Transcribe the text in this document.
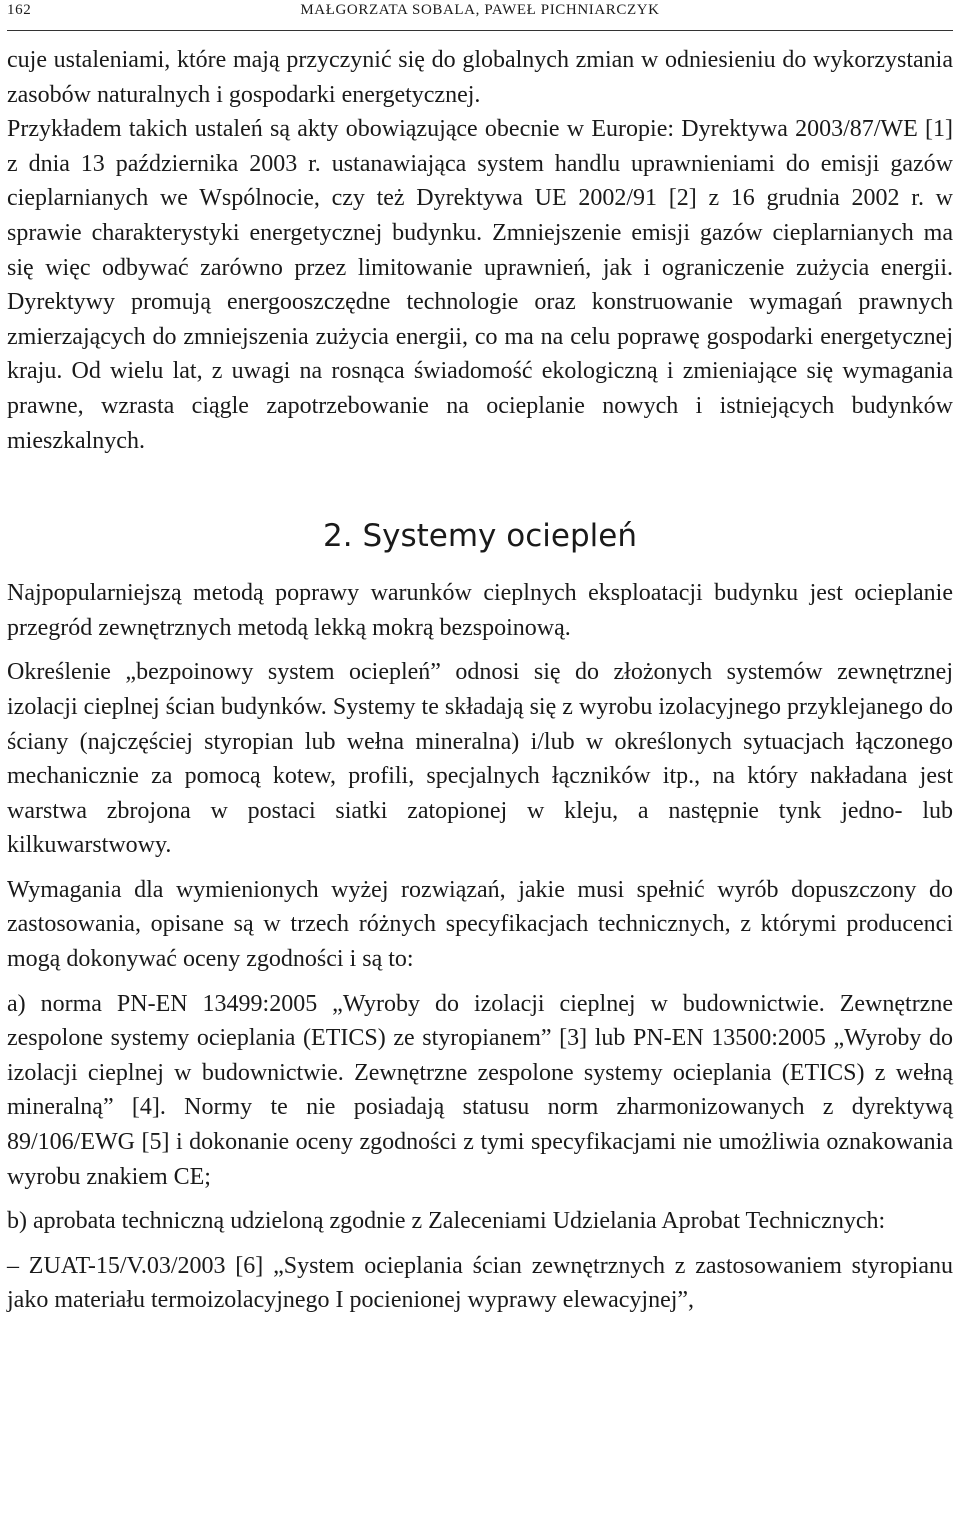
162	MAŁGORZATA SOBALA, PAWEŁ PICHNIARCZYK

cuje ustaleniami, które mają przyczynić się do globalnych zmian w odniesieniu do wykorzystania zasobów naturalnych i gospodarki energetycznej.

Przykładem takich ustaleń są akty obowiązujące obecnie w Europie: Dyrektywa 2003/87/WE [1] z dnia 13 października 2003 r. ustanawiająca system handlu uprawnieniami do emisji gazów cieplarnianych we Wspólnocie, czy też Dyrektywa UE 2002/91 [2] z 16 grudnia 2002 r. w sprawie charakterystyki energetycznej budynku. Zmniejszenie emisji gazów cieplarnianych ma się więc odbywać zarówno przez limitowanie uprawnień, jak i ograniczenie zużycia energii. Dyrektywy promują energooszczędne technologie oraz konstruowanie wymagań prawnych zmierzających do zmniejszenia zużycia energii, co ma na celu poprawę gospodarki energetycznej kraju. Od wielu lat, z uwagi na rosnąca świadomość ekologiczną i zmieniające się wymagania prawne, wzrasta ciągle zapotrzebowanie na ocieplanie nowych i istniejących budynków mieszkalnych.

2. Systemy ociepleń

Najpopularniejszą metodą poprawy warunków cieplnych eksploatacji budynku jest ocieplanie przegród zewnętrznych metodą lekką mokrą bezspoinową.

Określenie „bezpoinowy system ociepleń” odnosi się do złożonych systemów zewnętrznej izolacji cieplnej ścian budynków. Systemy te składają się z wyrobu izolacyjnego przyklejanego do ściany (najczęściej styropian lub wełna mineralna) i/lub w określonych sytuacjach łączonego mechanicznie za pomocą kotew, profili, specjalnych łączników itp., na który nakładana jest warstwa zbrojona w postaci siatki zatopionej w kleju, a następnie tynk jedno- lub kilkuwarstwowy.

Wymagania dla wymienionych wyżej rozwiązań, jakie musi spełnić wyrób dopuszczony do zastosowania, opisane są w trzech różnych specyfikacjach technicznych, z którymi producenci mogą dokonywać oceny zgodności i są to:

a) norma PN-EN 13499:2005 „Wyroby do izolacji cieplnej w budownictwie. Zewnętrzne zespolone systemy ocieplania (ETICS) ze styropianem” [3] lub PN-EN 13500:2005 „Wyroby do izolacji cieplnej w budownictwie. Zewnętrzne zespolone systemy ocieplania (ETICS) z wełną mineralną” [4]. Normy te nie posiadają statusu norm zharmonizowanych z dyrektywą 89/106/EWG [5] i dokonanie oceny zgodności z tymi specyfikacjami nie umożliwia oznakowania wyrobu znakiem CE;

b) aprobata techniczną udzieloną zgodnie z Zaleceniami Udzielania Aprobat Technicznych:

– ZUAT-15/V.03/2003 [6] „System ocieplania ścian zewnętrznych z zastosowaniem styropianu jako materiału termoizolacyjnego I pocienionej wyprawy elewacyjnej”,
